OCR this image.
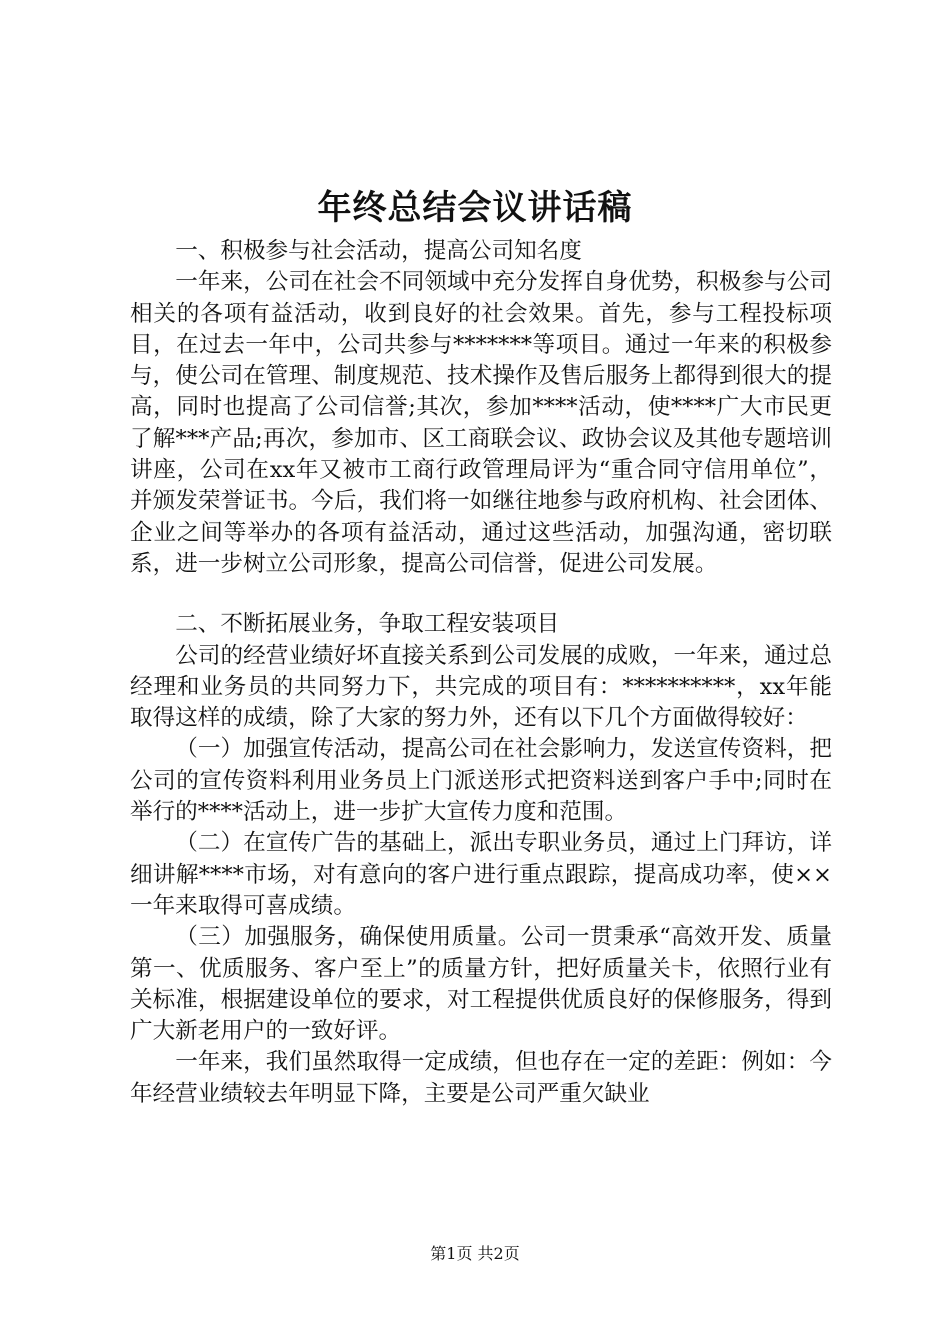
年终总结会议讲话稿

一、积极参与社会活动，提高公司知名度

一年来，公司在社会不同领域中充分发挥自身优势，积极参与公司相关的各项有益活动，收到良好的社会效果。首先，参与工程投标项目，在过去一年中，公司共参与*******等项目。通过一年来的积极参与，使公司在管理、制度规范、技术操作及售后服务上都得到很大的提高，同时也提高了公司信誉;其次，参加****活动，使****广大市民更了解***产品;再次，参加市、区工商联会议、政协会议及其他专题培训讲座，公司在xx年又被市工商行政管理局评为“重合同守信用单位”，并颁发荣誉证书。今后，我们将一如继往地参与政府机构、社会团体、企业之间等举办的各项有益活动，通过这些活动，加强沟通，密切联系，进一步树立公司形象，提高公司信誉，促进公司发展。

二、不断拓展业务，争取工程安装项目

公司的经营业绩好坏直接关系到公司发展的成败，一年来，通过总经理和业务员的共同努力下，共完成的项目有：**********，xx年能取得这样的成绩，除了大家的努力外，还有以下几个方面做得较好：

（一）加强宣传活动，提高公司在社会影响力，发送宣传资料，把公司的宣传资料利用业务员上门派送形式把资料送到客户手中;同时在举行的****活动上，进一步扩大宣传力度和范围。

（二）在宣传广告的基础上，派出专职业务员，通过上门拜访，详细讲解****市场，对有意向的客户进行重点跟踪，提高成功率，使××一年来取得可喜成绩。

（三）加强服务，确保使用质量。公司一贯秉承“高效开发、质量第一、优质服务、客户至上”的质量方针，把好质量关卡，依照行业有关标准，根据建设单位的要求，对工程提供优质良好的保修服务，得到广大新老用户的一致好评。

一年来，我们虽然取得一定成绩，但也存在一定的差距：例如：今年经营业绩较去年明显下降，主要是公司严重欠缺业

第1页 共2页
